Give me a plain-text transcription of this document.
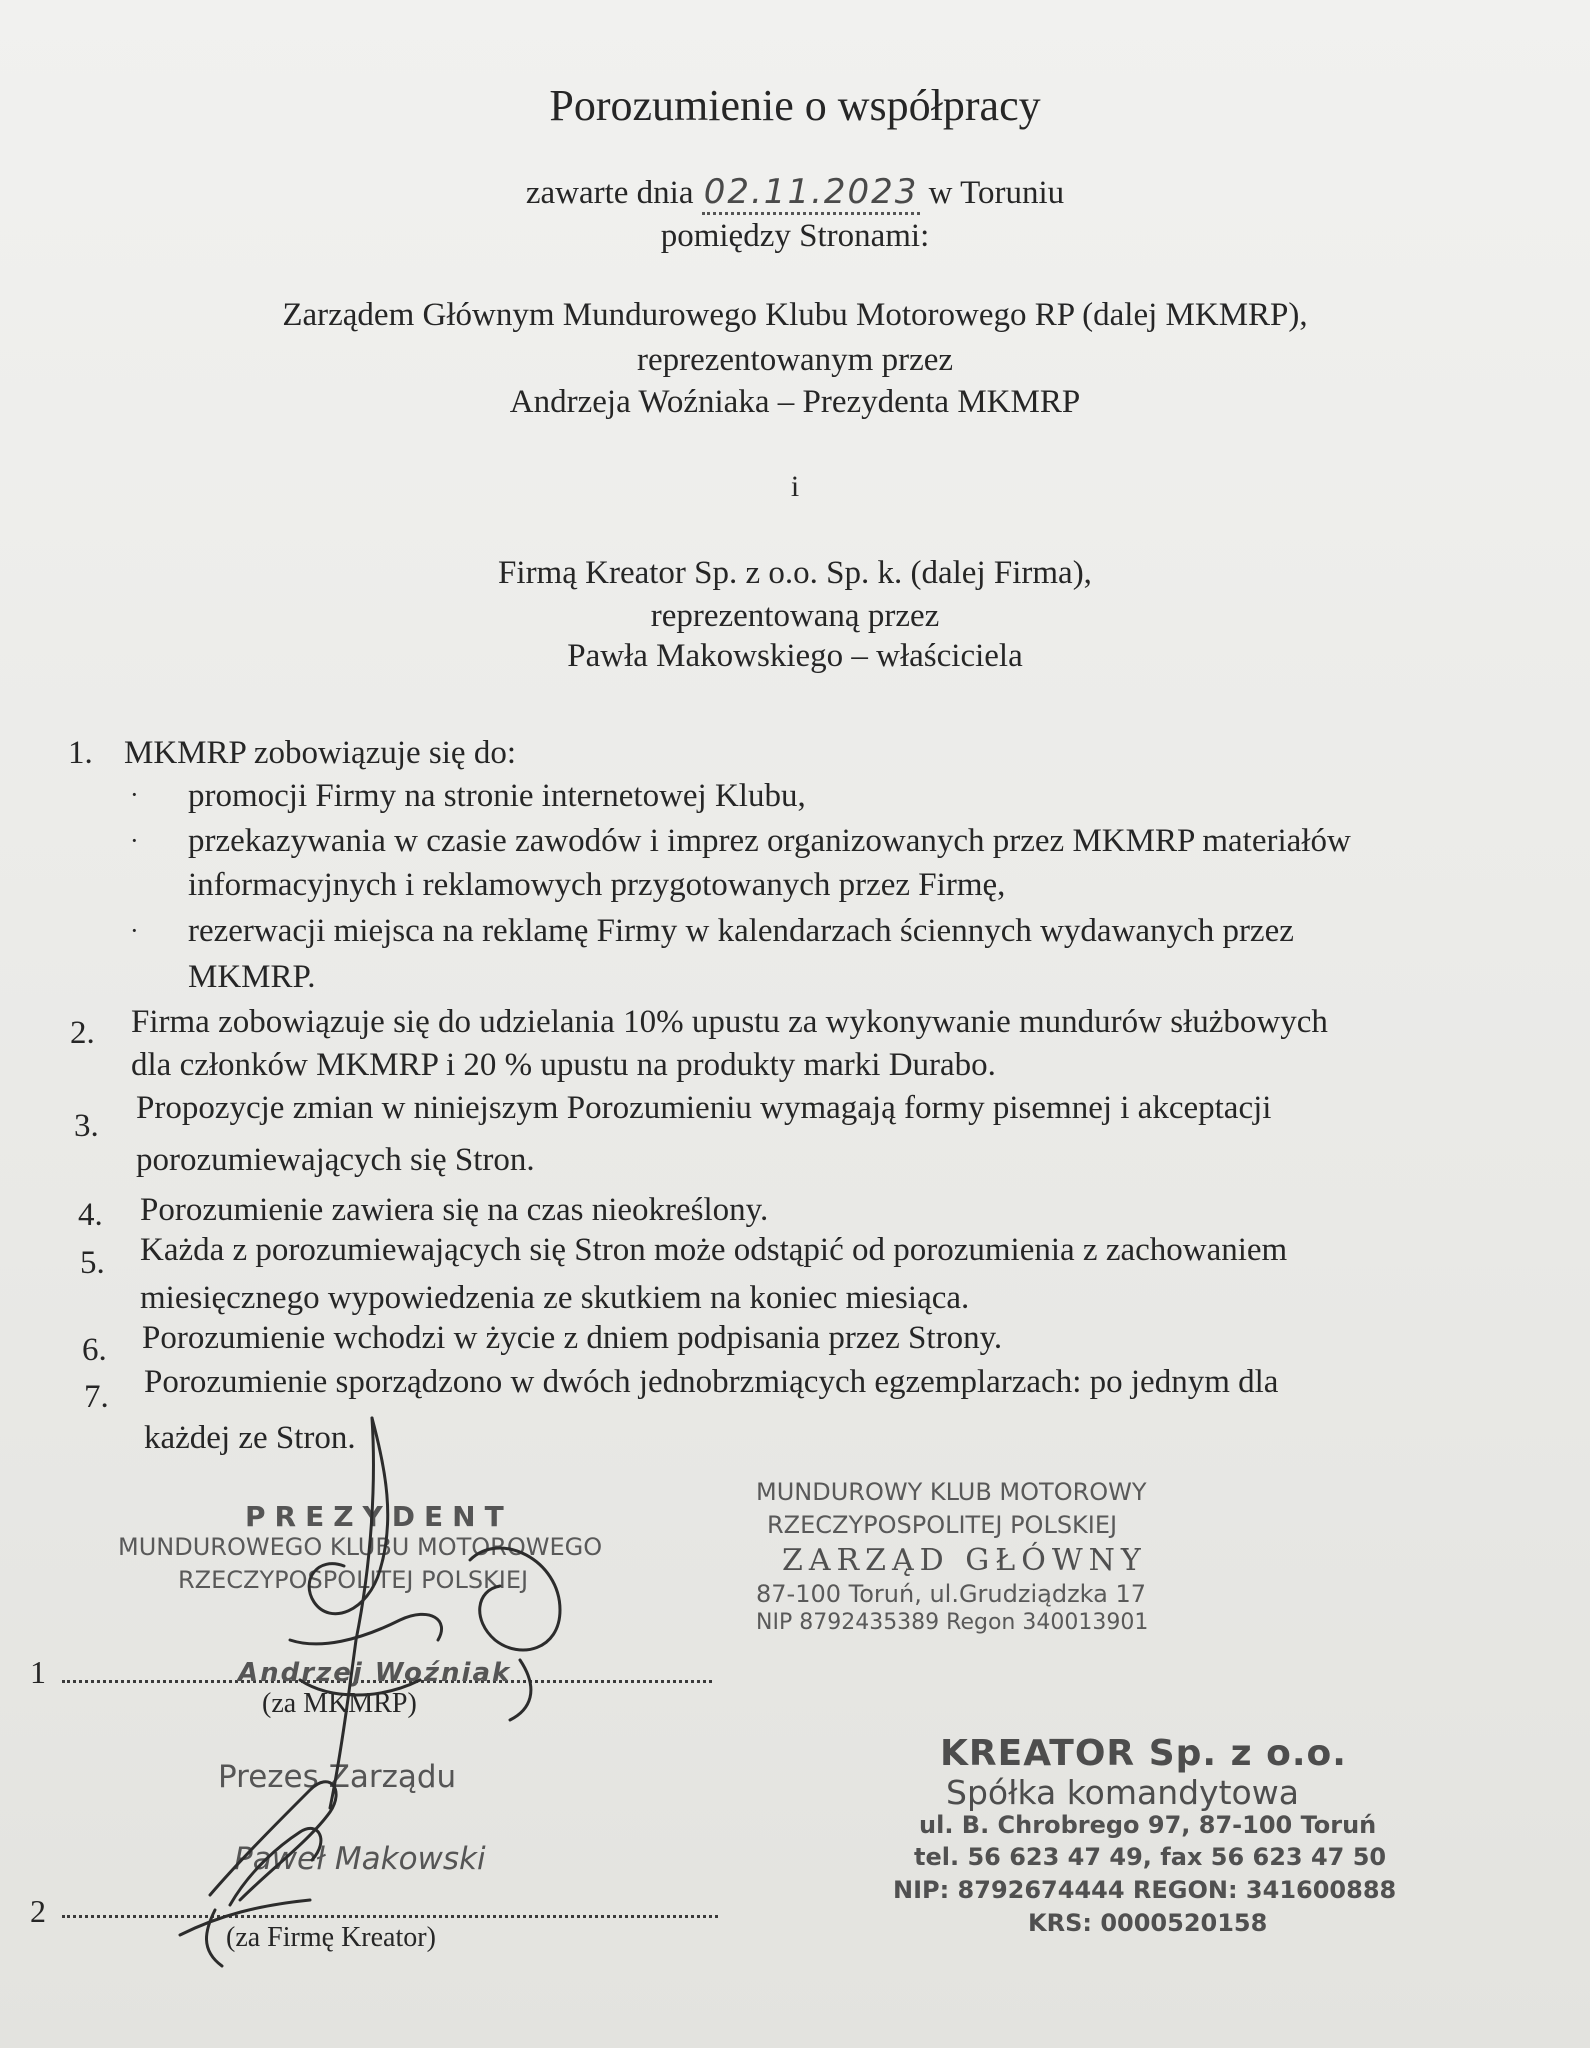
Porozumienie o współpracy
zawarte dnia 02.11.2023 w Toruniu
pomiędzy Stronami:
Zarządem Głównym Mundurowego Klubu Motorowego RP (dalej MKMRP),
reprezentowanym przez
Andrzeja Woźniaka – Prezydenta MKMRP
i
Firmą Kreator Sp. z o.o. Sp. k. (dalej Firma),
reprezentowaną przez
Pawła Makowskiego – właściciela
1. MKMRP zobowiązuje się do:
· promocji Firmy na stronie internetowej Klubu,
· przekazywania w czasie zawodów i imprez organizowanych przez MKMRP materiałów
informacyjnych i reklamowych przygotowanych przez Firmę,
· rezerwacji miejsca na reklamę Firmy w kalendarzach ściennych wydawanych przez
MKMRP.
2. Firma zobowiązuje się do udzielania 10% upustu za wykonywanie mundurów służbowych
dla członków MKMRP i 20 % upustu na produkty marki Durabo.
3. Propozycje zmian w niniejszym Porozumieniu wymagają formy pisemnej i akceptacji
porozumiewających się Stron.
4. Porozumienie zawiera się na czas nieokreślony.
5. Każda z porozumiewających się Stron może odstąpić od porozumienia z zachowaniem
miesięcznego wypowiedzenia ze skutkiem na koniec miesiąca.
6. Porozumienie wchodzi w życie z dniem podpisania przez Strony.
7. Porozumienie sporządzono w dwóch jednobrzmiących egzemplarzach: po jednym dla
każdej ze Stron.
PREZYDENT
MUNDUROWEGO KLUBU MOTOROWEGO
RZECZYPOSPOLITEJ POLSKIEJ
MUNDUROWY KLUB MOTOROWY
RZECZYPOSPOLITEJ POLSKIEJ
ZARZĄD GŁÓWNY
87-100 Toruń, ul.Grudziądzka 17
NIP 8792435389 Regon 340013901
KREATOR Sp. z o.o.
Spółka komandytowa
ul. B. Chrobrego 97, 87-100 Toruń
tel. 56 623 47 49, fax 56 623 47 50
NIP: 8792674444 REGON: 341600888
KRS: 0000520158
1	Andrzej Woźniak
(za MKMRP)
Prezes Zarządu
Paweł Makowski
2
(za Firmę Kreator)
